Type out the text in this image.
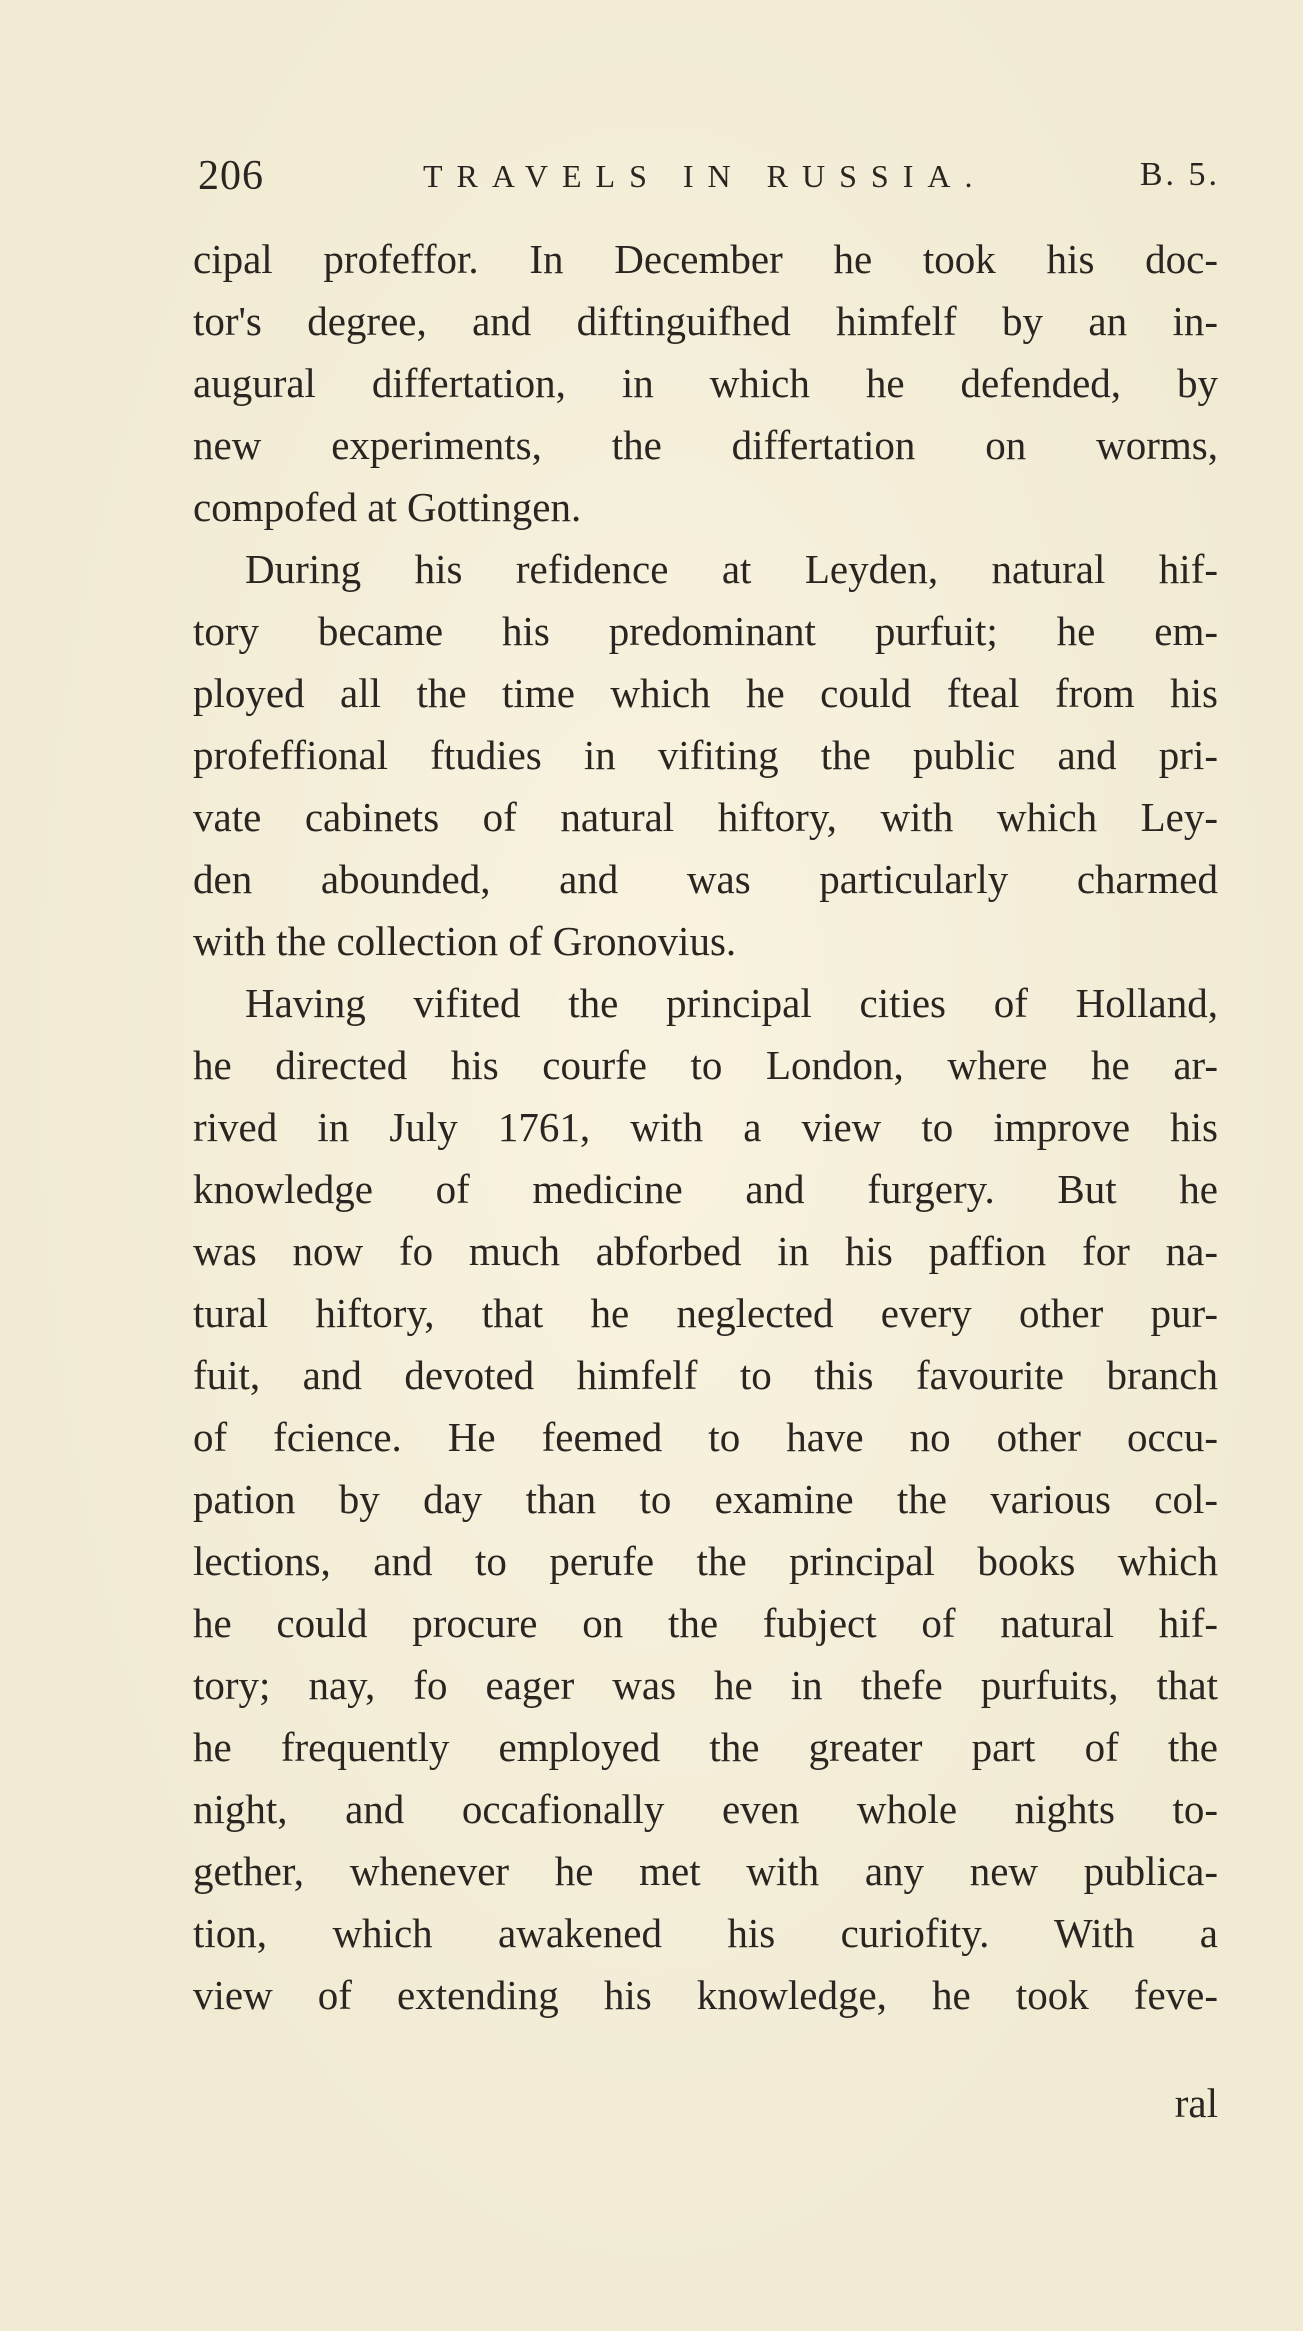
206	TRAVELS IN RUSSIA.	B. 5.
cipal profeffor. In December he took his doc-
tor's degree, and diftinguifhed himfelf by an in-
augural differtation, in which he defended, by
new experiments, the differtation on worms,
compofed at Gottingen.
During his refidence at Leyden, natural hif-
tory became his predominant purfuit; he em-
ployed all the time which he could fteal from his
profeffional ftudies in vifiting the public and pri-
vate cabinets of natural hiftory, with which Ley-
den abounded, and was particularly charmed
with the collection of Gronovius.
Having vifited the principal cities of Holland,
he directed his courfe to London, where he ar-
rived in July 1761, with a view to improve his
knowledge of medicine and furgery. But he
was now fo much abforbed in his paffion for na-
tural hiftory, that he neglected every other pur-
fuit, and devoted himfelf to this favourite branch
of fcience. He feemed to have no other occu-
pation by day than to examine the various col-
lections, and to perufe the principal books which
he could procure on the fubject of natural hif-
tory; nay, fo eager was he in thefe purfuits, that
he frequently employed the greater part of the
night, and occafionally even whole nights to-
gether, whenever he met with any new publica-
tion, which awakened his curiofity. With a
view of extending his knowledge, he took feve-
ral
